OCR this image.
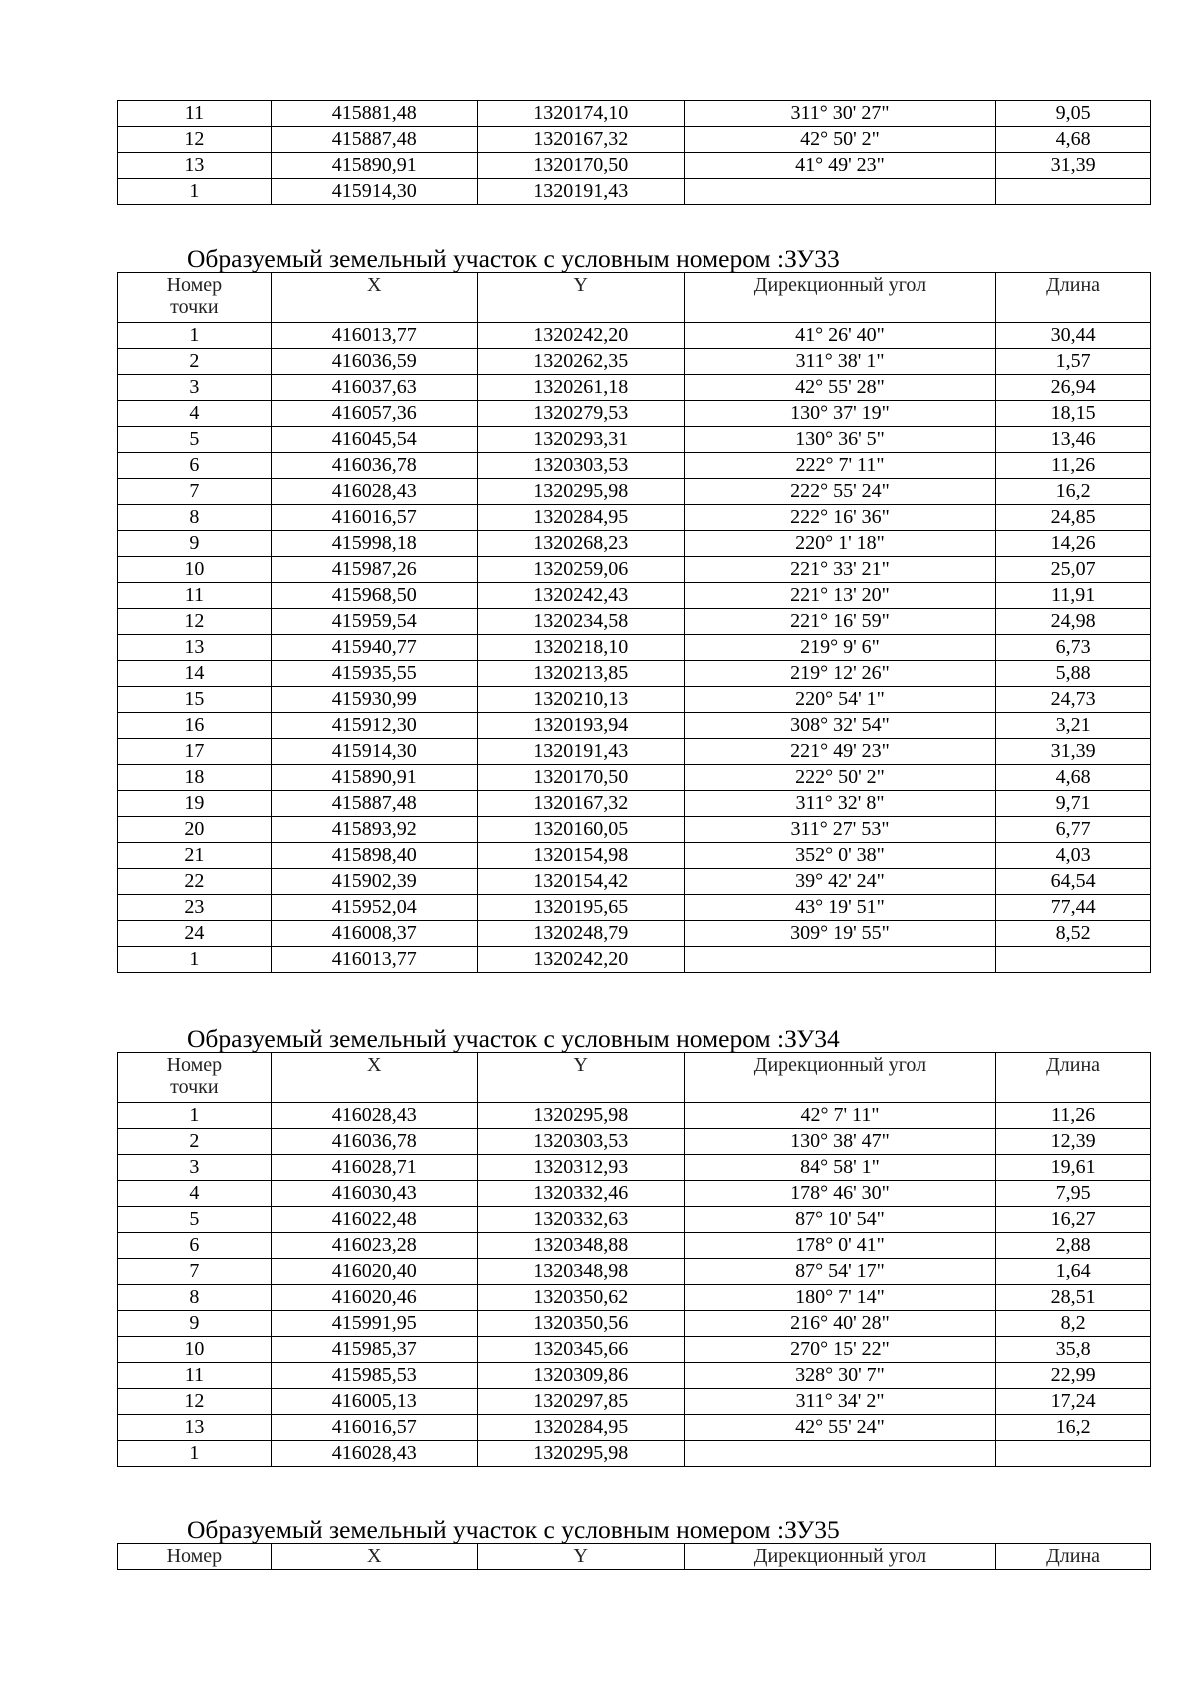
11	415881,48	1320174,10	311° 30' 27"	9,05
12	415887,48	1320167,32	42° 50' 2"	4,68
13	415890,91	1320170,50	41° 49' 23"	31,39
1	415914,30	1320191,43		
Образуемый земельный участок с условным номером :ЗУ33
Номер
точки	X	Y	Дирекционный угол	Длина
1	416013,77	1320242,20	41° 26' 40"	30,44
2	416036,59	1320262,35	311° 38' 1"	1,57
3	416037,63	1320261,18	42° 55' 28"	26,94
4	416057,36	1320279,53	130° 37' 19"	18,15
5	416045,54	1320293,31	130° 36' 5"	13,46
6	416036,78	1320303,53	222° 7' 11"	11,26
7	416028,43	1320295,98	222° 55' 24"	16,2
8	416016,57	1320284,95	222° 16' 36"	24,85
9	415998,18	1320268,23	220° 1' 18"	14,26
10	415987,26	1320259,06	221° 33' 21"	25,07
11	415968,50	1320242,43	221° 13' 20"	11,91
12	415959,54	1320234,58	221° 16' 59"	24,98
13	415940,77	1320218,10	219° 9' 6"	6,73
14	415935,55	1320213,85	219° 12' 26"	5,88
15	415930,99	1320210,13	220° 54' 1"	24,73
16	415912,30	1320193,94	308° 32' 54"	3,21
17	415914,30	1320191,43	221° 49' 23"	31,39
18	415890,91	1320170,50	222° 50' 2"	4,68
19	415887,48	1320167,32	311° 32' 8"	9,71
20	415893,92	1320160,05	311° 27' 53"	6,77
21	415898,40	1320154,98	352° 0' 38"	4,03
22	415902,39	1320154,42	39° 42' 24"	64,54
23	415952,04	1320195,65	43° 19' 51"	77,44
24	416008,37	1320248,79	309° 19' 55"	8,52
1	416013,77	1320242,20		
Образуемый земельный участок с условным номером :ЗУ34
Номер
точки	X	Y	Дирекционный угол	Длина
1	416028,43	1320295,98	42° 7' 11"	11,26
2	416036,78	1320303,53	130° 38' 47"	12,39
3	416028,71	1320312,93	84° 58' 1"	19,61
4	416030,43	1320332,46	178° 46' 30"	7,95
5	416022,48	1320332,63	87° 10' 54"	16,27
6	416023,28	1320348,88	178° 0' 41"	2,88
7	416020,40	1320348,98	87° 54' 17"	1,64
8	416020,46	1320350,62	180° 7' 14"	28,51
9	415991,95	1320350,56	216° 40' 28"	8,2
10	415985,37	1320345,66	270° 15' 22"	35,8
11	415985,53	1320309,86	328° 30' 7"	22,99
12	416005,13	1320297,85	311° 34' 2"	17,24
13	416016,57	1320284,95	42° 55' 24"	16,2
1	416028,43	1320295,98		
Образуемый земельный участок с условным номером :ЗУ35
Номер	X	Y	Дирекционный угол	Длина
